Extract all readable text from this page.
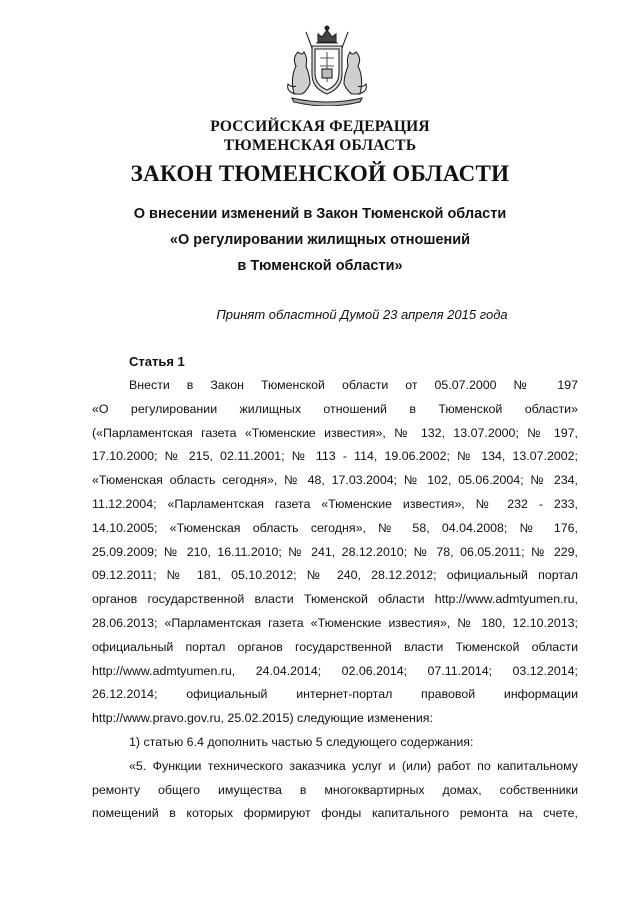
РОССИЙСКАЯ ФЕДЕРАЦИЯ
ТЮМЕНСКАЯ ОБЛАСТЬ
ЗАКОН ТЮМЕНСКОЙ ОБЛАСТИ
О внесении изменений в Закон Тюменской области
«О регулировании жилищных отношений
в Тюменской области»
Принят областной Думой 23 апреля 2015 года
Статья 1
Внести в Закон Тюменской области от 05.07.2000 № 197
«О регулировании жилищных отношений в Тюменской области»
(«Парламентская газета «Тюменские известия», № 132, 13.07.2000; № 197,
17.10.2000; № 215, 02.11.2001; № 113 - 114, 19.06.2002; № 134, 13.07.2002;
«Тюменская область сегодня», № 48, 17.03.2004; № 102, 05.06.2004; № 234,
11.12.2004; «Парламентская газета «Тюменские известия», № 232 - 233,
14.10.2005; «Тюменская область сегодня», № 58, 04.04.2008; № 176,
25.09.2009; № 210, 16.11.2010; № 241, 28.12.2010; № 78, 06.05.2011; № 229,
09.12.2011; № 181, 05.10.2012; № 240, 28.12.2012; официальный портал
органов государственной власти Тюменской области http://www.admtyumen.ru,
28.06.2013; «Парламентская газета «Тюменские известия», № 180, 12.10.2013;
официальный портал органов государственной власти Тюменской области
http://www.admtyumen.ru, 24.04.2014; 02.06.2014; 07.11.2014; 03.12.2014;
26.12.2014; официальный интернет-портал правовой информации
http://www.pravo.gov.ru, 25.02.2015) следующие изменения:
1) статью 6.4 дополнить частью 5 следующего содержания:
«5. Функции технического заказчика услуг и (или) работ по капитальному
ремонту общего имущества в многоквартирных домах, собственники
помещений в которых формируют фонды капитального ремонта на счете,
